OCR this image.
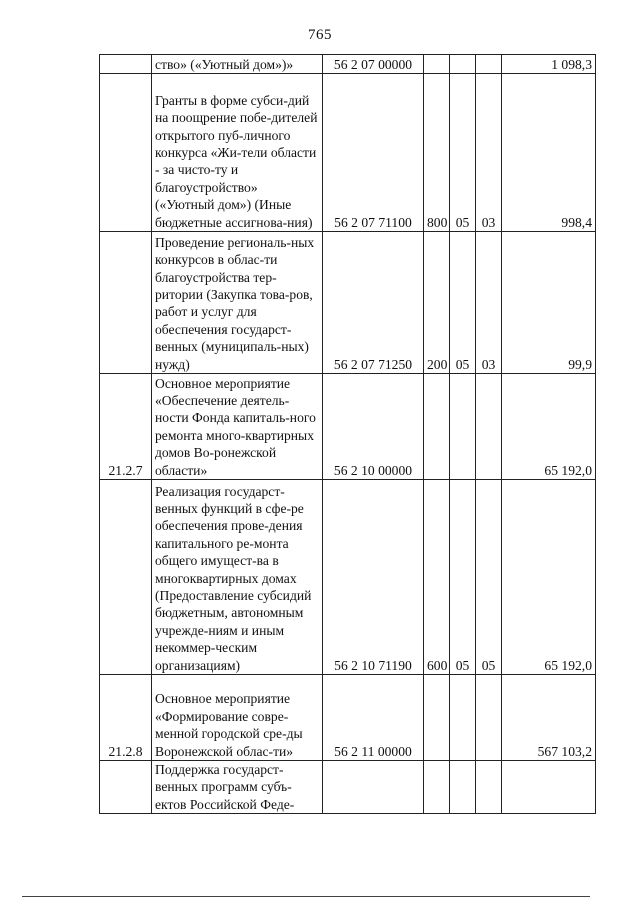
765
	ство» («Уютный дом»)»	56 2 07 00000				1 098,3
	Гранты в форме субси-дий на поощрение побе-дителей открытого пуб-личного конкурса «Жи-тели области - за чисто-ту и благоустройство» («Уютный дом») (Иные бюджетные ассигнова-ния)	56 2 07 71100	800	05	03	998,4
	Проведение региональ-ных конкурсов в облас-ти благоустройства тер-ритории (Закупка това-ров, работ и услуг для обеспечения государст-венных (муниципаль-ных) нужд)	56 2 07 71250	200	05	03	99,9
21.2.7	Основное мероприятие «Обеспечение деятель-ности Фонда капиталь-ного ремонта много-квартирных домов Во-ронежской области»	56 2 10 00000				65 192,0
	Реализация государст-венных функций в сфе-ре обеспечения прове-дения капитального ре-монта общего имущест-ва в многоквартирных домах (Предоставление субсидий бюджетным, автономным учрежде-ниям и иным некоммер-ческим организациям)	56 2 10 71190	600	05	05	65 192,0
21.2.8	Основное мероприятие «Формирование совре-менной городской сре-ды Воронежской облас-ти»	56 2 11 00000				567 103,2
	Поддержка государст-венных программ субъ-ектов Российской Феде-					
